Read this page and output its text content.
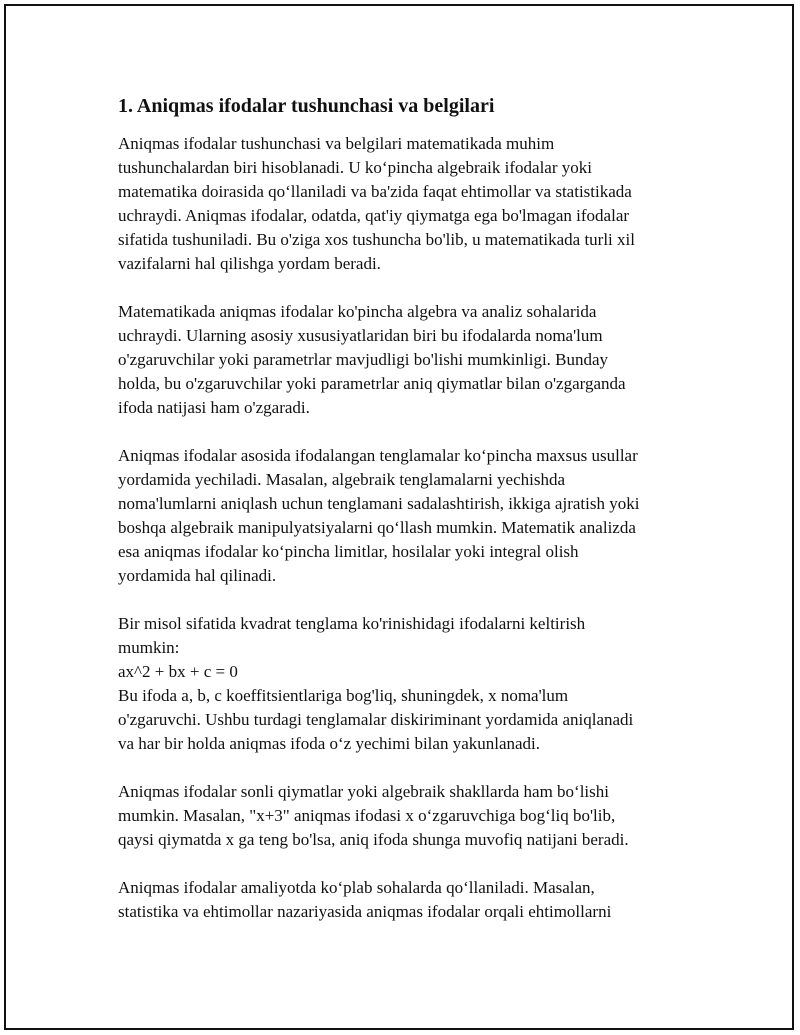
1. Aniqmas ifodalar tushunchasi va belgilari

Aniqmas ifodalar tushunchasi va belgilari matematikada muhim
tushunchalardan biri hisoblanadi. U ko‘pincha algebraik ifodalar yoki
matematika doirasida qo‘llaniladi va ba'zida faqat ehtimollar va statistikada
uchraydi. Aniqmas ifodalar, odatda, qat'iy qiymatga ega bo'lmagan ifodalar
sifatida tushuniladi. Bu o'ziga xos tushuncha bo'lib, u matematikada turli xil
vazifalarni hal qilishga yordam beradi.

Matematikada aniqmas ifodalar ko'pincha algebra va analiz sohalarida
uchraydi. Ularning asosiy xususiyatlaridan biri bu ifodalarda noma'lum
o'zgaruvchilar yoki parametrlar mavjudligi bo'lishi mumkinligi. Bunday
holda, bu o'zgaruvchilar yoki parametrlar aniq qiymatlar bilan o'zgarganda
ifoda natijasi ham o'zgaradi.

Aniqmas ifodalar asosida ifodalangan tenglamalar ko‘pincha maxsus usullar
yordamida yechiladi. Masalan, algebraik tenglamalarni yechishda
noma'lumlarni aniqlash uchun tenglamani sadalashtirish, ikkiga ajratish yoki
boshqa algebraik manipulyatsiyalarni qo‘llash mumkin. Matematik analizda
esa aniqmas ifodalar ko‘pincha limitlar, hosilalar yoki integral olish
yordamida hal qilinadi.

Bir misol sifatida kvadrat tenglama ko'rinishidagi ifodalarni keltirish
mumkin:
ax^2 + bx + c = 0
Bu ifoda a, b, c koeffitsientlariga bog'liq, shuningdek, x noma'lum
o'zgaruvchi. Ushbu turdagi tenglamalar diskiriminant yordamida aniqlanadi
va har bir holda aniqmas ifoda o‘z yechimi bilan yakunlanadi.

Aniqmas ifodalar sonli qiymatlar yoki algebraik shakllarda ham bo‘lishi
mumkin. Masalan, "x+3" aniqmas ifodasi x o‘zgaruvchiga bog‘liq bo'lib,
qaysi qiymatda x ga teng bo'lsa, aniq ifoda shunga muvofiq natijani beradi.

Aniqmas ifodalar amaliyotda ko‘plab sohalarda qo‘llaniladi. Masalan,
statistika va ehtimollar nazariyasida aniqmas ifodalar orqali ehtimollarni
